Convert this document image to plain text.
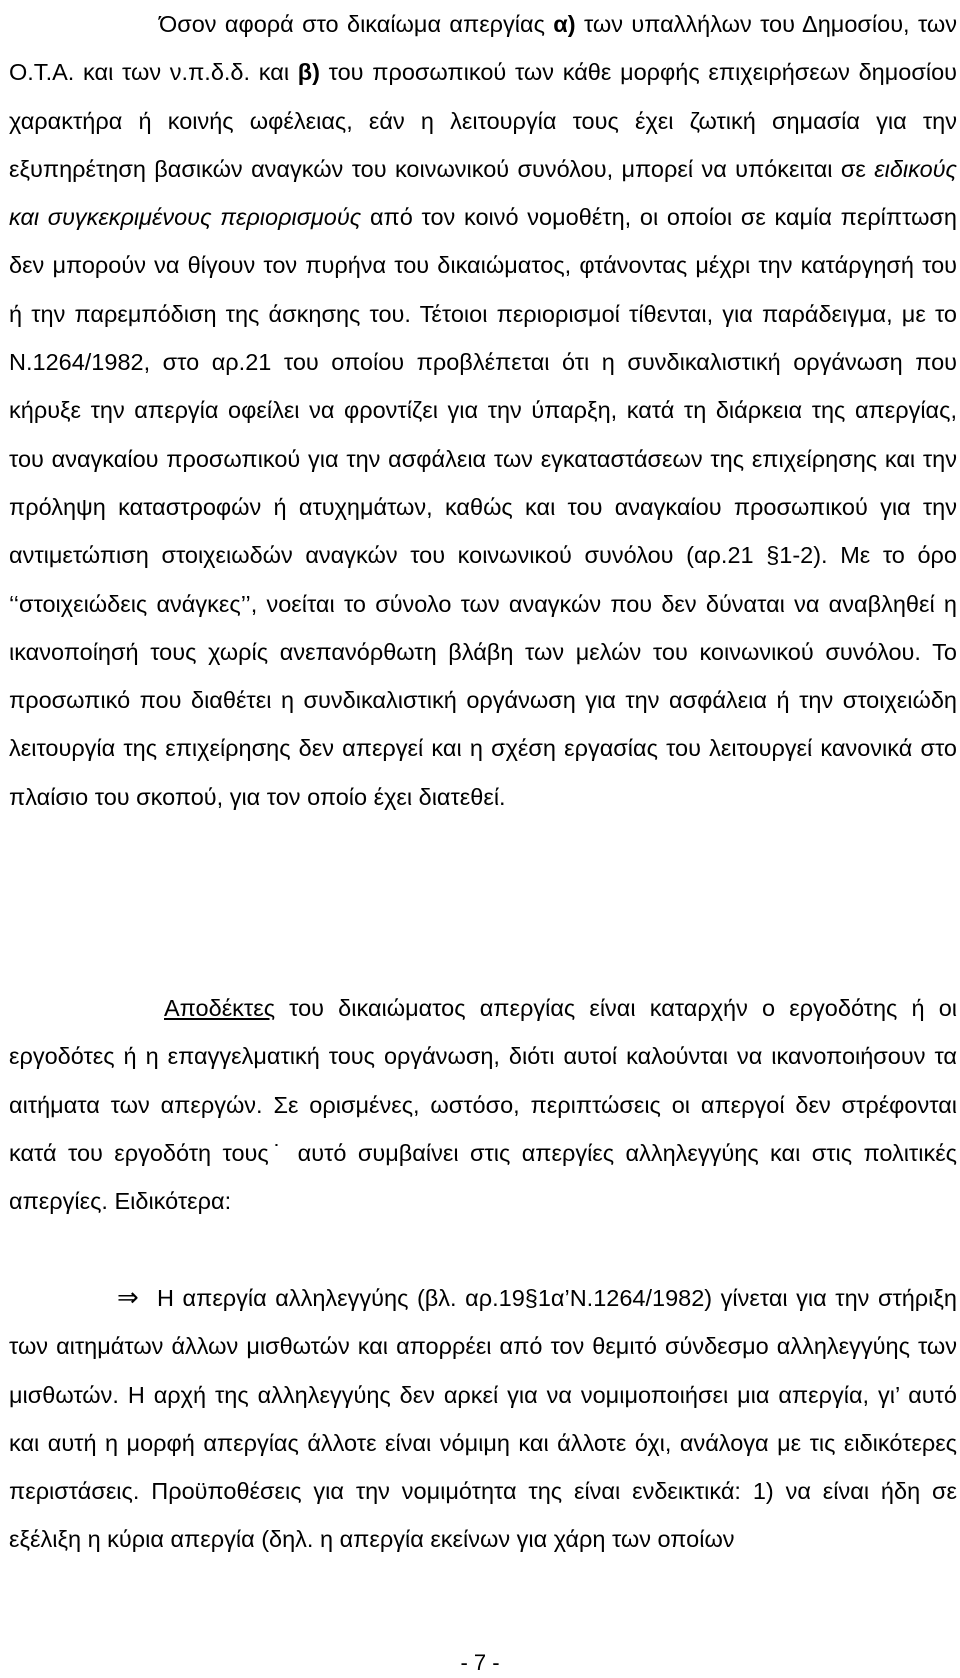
Όσον αφορά στο δικαίωμα απεργίας α) των υπαλλήλων του Δημοσίου, των Ο.Τ.Α. και των ν.π.δ.δ. και β) του προσωπικού των κάθε μορφής επιχειρήσεων δημοσίου χαρακτήρα ή κοινής ωφέλειας, εάν η λειτουργία τους έχει ζωτική σημασία για την εξυπηρέτηση βασικών αναγκών του κοινωνικού συνόλου, μπορεί να υπόκειται σε ειδικούς και συγκεκριμένους περιορισμούς από τον κοινό νομοθέτη, οι οποίοι σε καμία περίπτωση δεν μπορούν να θίγουν τον πυρήνα του δικαιώματος, φτάνοντας μέχρι την κατάργησή του ή την παρεμπόδιση της άσκησης του. Τέτοιοι περιορισμοί τίθενται, για παράδειγμα, με το Ν.1264/1982, στο αρ.21 του οποίου προβλέπεται ότι η συνδικαλιστική οργάνωση που κήρυξε την απεργία οφείλει να φροντίζει για την ύπαρξη, κατά τη διάρκεια της απεργίας, του αναγκαίου προσωπικού για την ασφάλεια των εγκαταστάσεων της επιχείρησης και την πρόληψη καταστροφών ή ατυχημάτων, καθώς και του αναγκαίου προσωπικού για την αντιμετώπιση στοιχειωδών αναγκών του κοινωνικού συνόλου (αρ.21 §1-2). Με το όρο ‘‘στοιχειώδεις ανάγκες’’, νοείται το σύνολο των αναγκών που δεν δύναται να αναβληθεί η ικανοποίησή τους χωρίς ανεπανόρθωτη βλάβη των μελών του κοινωνικού συνόλου. Το προσωπικό που διαθέτει η συνδικαλιστική οργάνωση για την ασφάλεια ή την στοιχειώδη λειτουργία της επιχείρησης δεν απεργεί και η σχέση εργασίας του λειτουργεί κανονικά στο πλαίσιο του σκοπού, για τον οποίο έχει διατεθεί.
Αποδέκτες του δικαιώματος απεργίας είναι καταρχήν ο εργοδότης ή οι εργοδότες ή η επαγγελματική τους οργάνωση, διότι αυτοί καλούνται να ικανοποιήσουν τα αιτήματα των απεργών. Σε ορισμένες, ωστόσο, περιπτώσεις οι απεργοί δεν στρέφονται κατά του εργοδότη τους˙ αυτό συμβαίνει στις απεργίες αλληλεγγύης και στις πολιτικές απεργίες. Ειδικότερα:
⇒ Η απεργία αλληλεγγύης (βλ. αρ.19§1α’Ν.1264/1982) γίνεται για την στήριξη των αιτημάτων άλλων μισθωτών και απορρέει από τον θεμιτό σύνδεσμο αλληλεγγύης των μισθωτών. Η αρχή της αλληλεγγύης δεν αρκεί για να νομιμοποιήσει μια απεργία, γι’ αυτό και αυτή η μορφή απεργίας άλλοτε είναι νόμιμη και άλλοτε όχι, ανάλογα με τις ειδικότερες περιστάσεις. Προϋποθέσεις για την νομιμότητα της είναι ενδεικτικά: 1) να είναι ήδη σε εξέλιξη η κύρια απεργία (δηλ. η απεργία εκείνων για χάρη των οποίων
- 7 -
